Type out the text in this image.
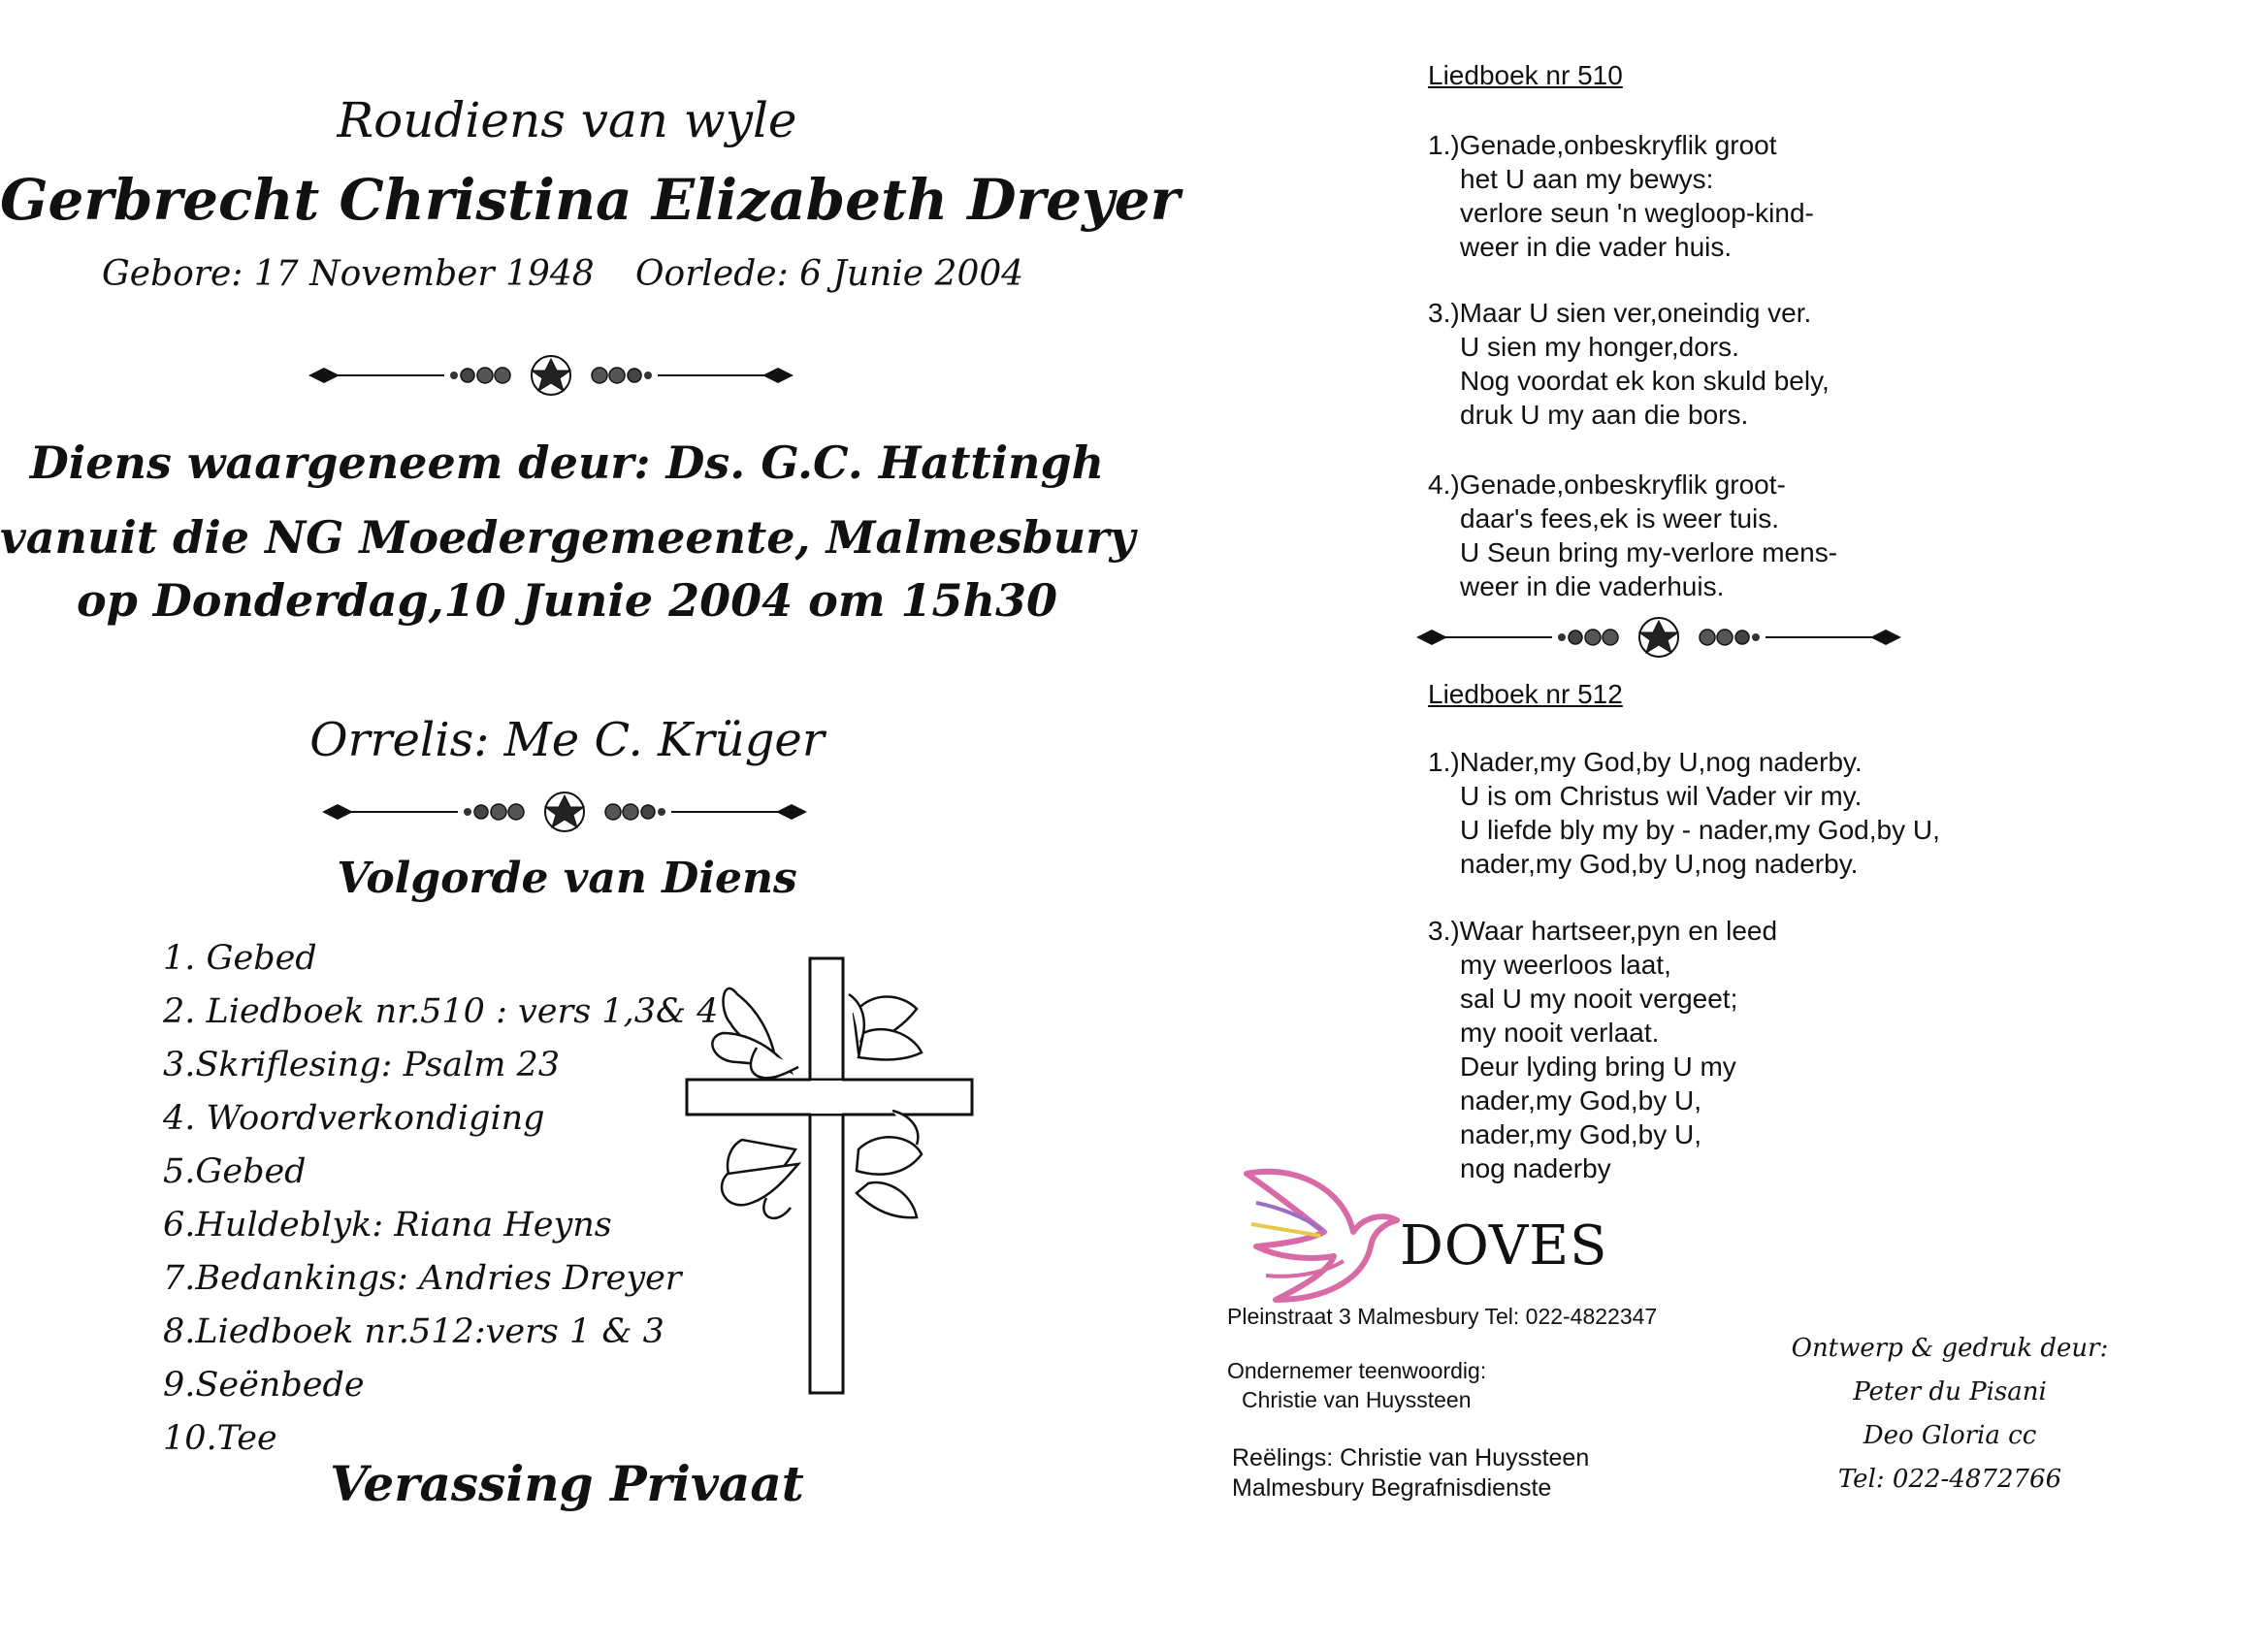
Roudiens van wyle
Gerbrecht Christina Elizabeth Dreyer
Gebore: 17 November 1948 Oorlede: 6 Junie 2004
Diens waargeneem deur: Ds. G.C. Hattingh
vanuit die NG Moedergemeente, Malmesbury
op Donderdag,10 Junie 2004 om 15h30
Orrelis: Me C. Krüger
Volgorde van Diens
1. Gebed
2. Liedboek nr.510 : vers 1,3& 4
3.Skriflesing: Psalm 23
4. Woordverkondiging
5.Gebed
6.Huldeblyk: Riana Heyns
7.Bedankings: Andries Dreyer
8.Liedboek nr.512:vers 1 & 3
9.Seënbede
10.Tee
Verassing Privaat
Liedboek nr 510
1.)Genade,onbeskryflik groot
het U aan my bewys:
verlore seun 'n wegloop-kind-
weer in die vader huis.
3.)Maar U sien ver,oneindig ver.
U sien my honger,dors.
Nog voordat ek kon skuld bely,
druk U my aan die bors.
4.)Genade,onbeskryflik groot-
daar's fees,ek is weer tuis.
U Seun bring my-verlore mens-
weer in die vaderhuis.
Liedboek nr 512
1.)Nader,my God,by U,nog naderby.
U is om Christus wil Vader vir my.
U liefde bly my by - nader,my God,by U,
nader,my God,by U,nog naderby.
3.)Waar hartseer,pyn en leed
my weerloos laat,
sal U my nooit vergeet;
my nooit verlaat.
Deur lyding bring U my
nader,my God,by U,
nader,my God,by U,
nog naderby
DOVES
Pleinstraat 3 Malmesbury Tel: 022-4822347
Ondernemer teenwoordig:
Christie van Huyssteen
Reëlings: Christie van Huyssteen
Malmesbury Begrafnisdienste
Ontwerp & gedruk deur:
Peter du Pisani
Deo Gloria cc
Tel: 022-4872766
